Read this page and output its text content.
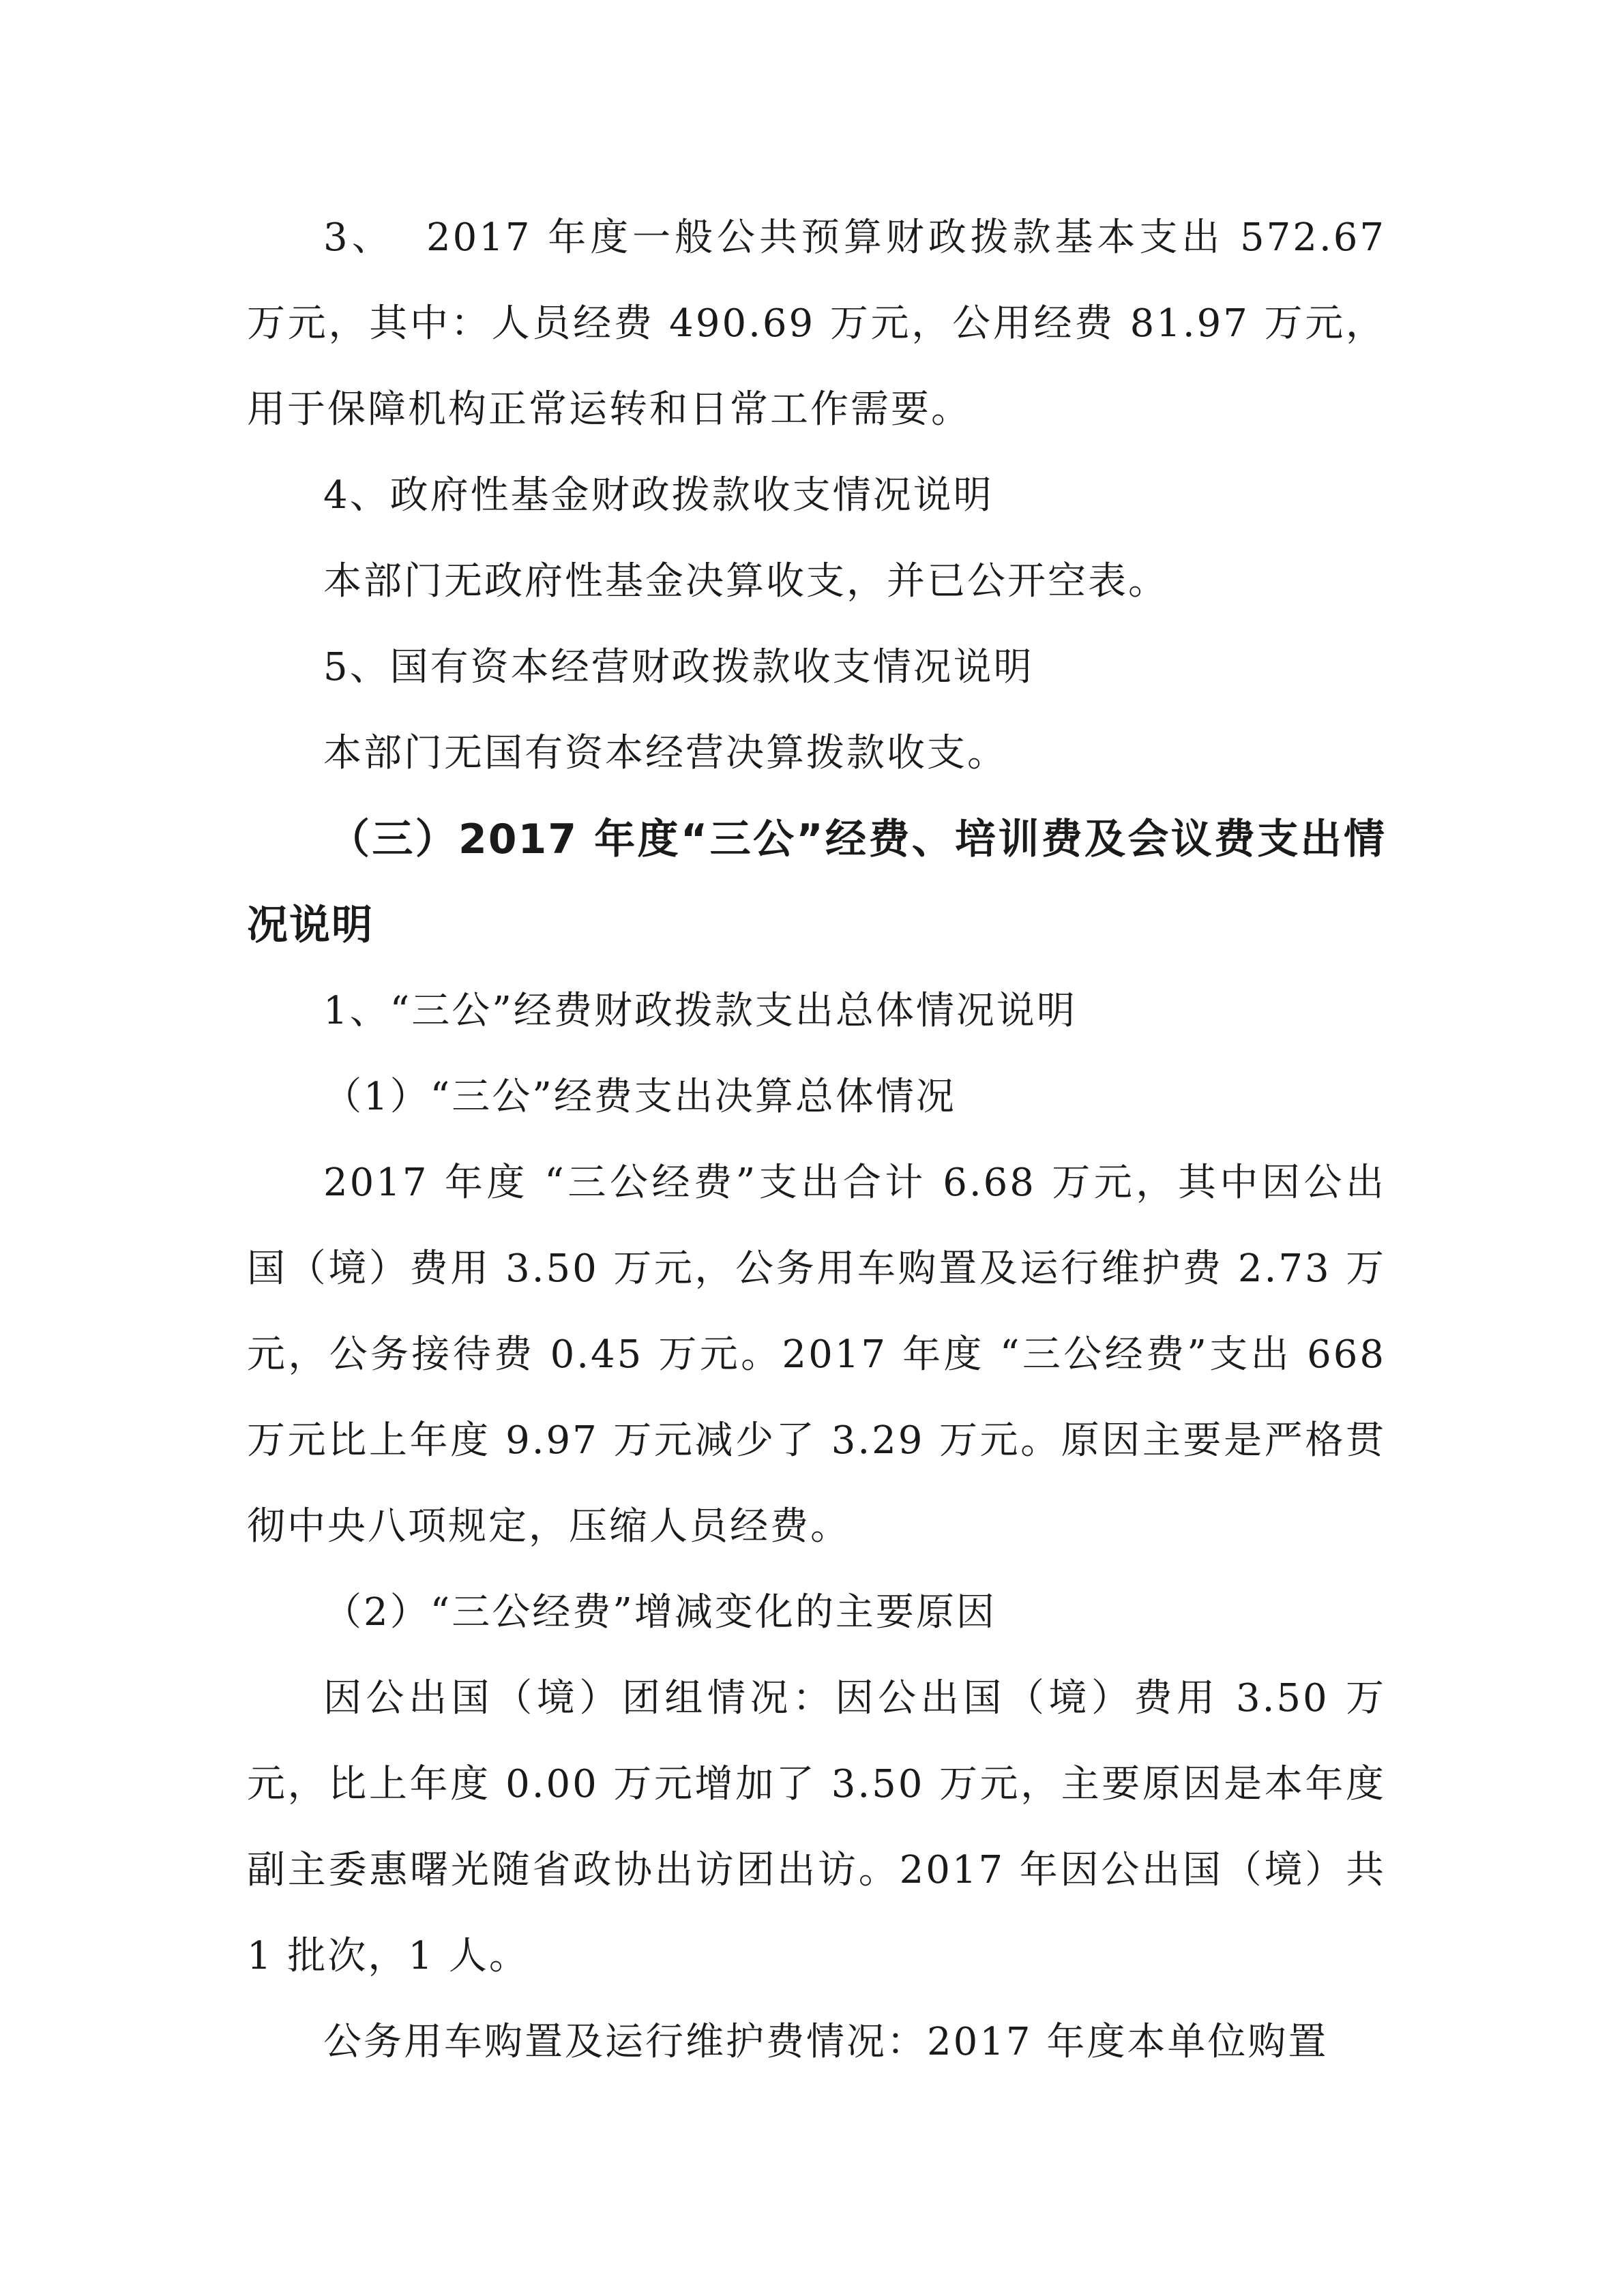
3、  2017 年度一般公共预算财政拨款基本支出 572.67 万元，其中：人员经费 490.69 万元，公用经费 81.97 万元，用于保障机构正常运转和日常工作需要。

4、政府性基金财政拨款收支情况说明

本部门无政府性基金决算收支，并已公开空表。

5、国有资本经营财政拨款收支情况说明

本部门无国有资本经营决算拨款收支。

（三）2017 年度“三公”经费、培训费及会议费支出情况说明

1、“三公”经费财政拨款支出总体情况说明

（1）“三公”经费支出决算总体情况

2017 年度 “三公经费”支出合计 6.68 万元，其中因公出国（境）费用 3.50 万元，公务用车购置及运行维护费 2.73 万元，公务接待费 0.45 万元。2017 年度 “三公经费”支出 668 万元比上年度 9.97 万元减少了 3.29 万元。原因主要是严格贯彻中央八项规定，压缩人员经费。

（2）“三公经费”增减变化的主要原因

因公出国（境）团组情况：因公出国（境）费用 3.50 万元，比上年度 0.00 万元增加了 3.50 万元，主要原因是本年度副主委惠曙光随省政协出访团出访。2017 年因公出国（境）共 1 批次，1 人。

公务用车购置及运行维护费情况：2017 年度本单位购置
